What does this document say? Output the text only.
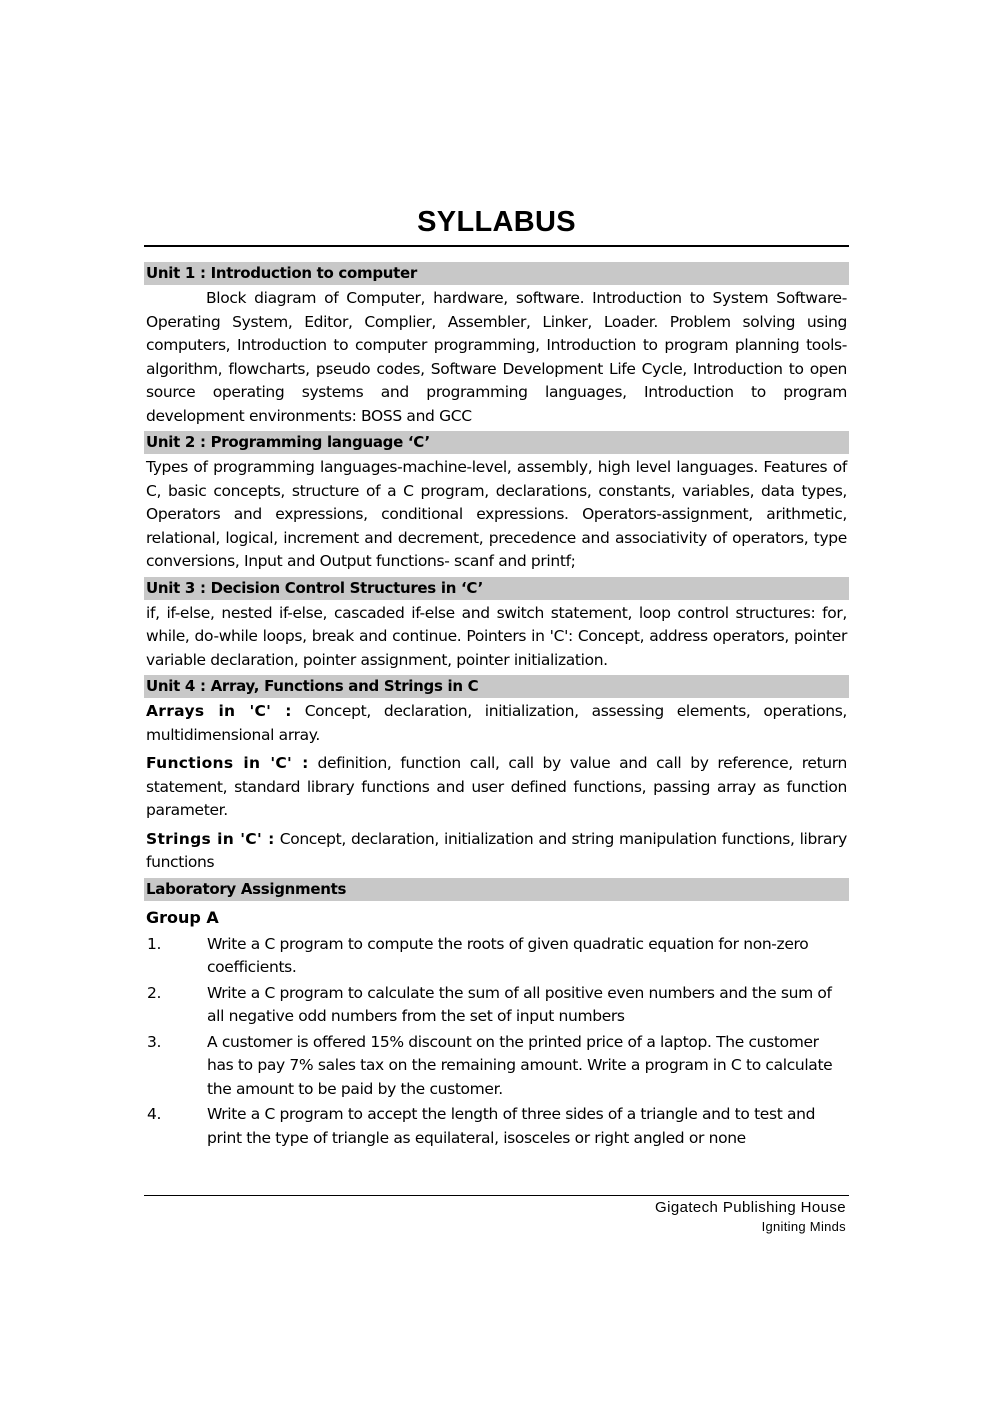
SYLLABUS
Unit 1 : Introduction to computer
Block diagram of Computer, hardware, software. Introduction to System Software-Operating System, Editor, Complier, Assembler, Linker, Loader. Problem solving using computers, Introduction to computer programming, Introduction to program planning tools- algorithm, flowcharts, pseudo codes, Software Development Life Cycle, Introduction to open source operating systems and programming languages, Introduction to program development environments: BOSS and GCC
Unit 2 : Programming language ‘C’
Types of programming languages-machine-level, assembly, high level languages. Features of C, basic concepts, structure of a C program, declarations, constants, variables, data types, Operators and expressions, conditional expressions. Operators-assignment, arithmetic, relational, logical, increment and decrement, precedence and associativity of operators, type conversions, Input and Output functions- scanf and printf;
Unit 3 : Decision Control Structures in ‘C’
if, if-else, nested if-else, cascaded if-else and switch statement, loop control structures: for, while, do-while loops, break and continue. Pointers in 'C': Concept, address operators, pointer variable declaration, pointer assignment, pointer initialization.
Unit 4 : Array, Functions and Strings in C
Arrays in 'C' : Concept, declaration, initialization, assessing elements, operations, multidimensional array.
Functions in 'C' : definition, function call, call by value and call by reference, return statement, standard library functions and user defined functions, passing array as function parameter.
Strings in 'C' : Concept, declaration, initialization and string manipulation functions, library functions
Laboratory Assignments
Group A
1.	Write a C program to compute the roots of given quadratic equation for non-zero coefficients.
2.	Write a C program to calculate the sum of all positive even numbers and the sum of all negative odd numbers from the set of input numbers
3.	A customer is offered 15% discount on the printed price of a laptop. The customer has to pay 7% sales tax on the remaining amount. Write a program in C to calculate the amount to be paid by the customer.
4.	Write a C program to accept the length of three sides of a triangle and to test and print the type of triangle as equilateral, isosceles or right angled or none
Gigatech Publishing House
Igniting Minds
